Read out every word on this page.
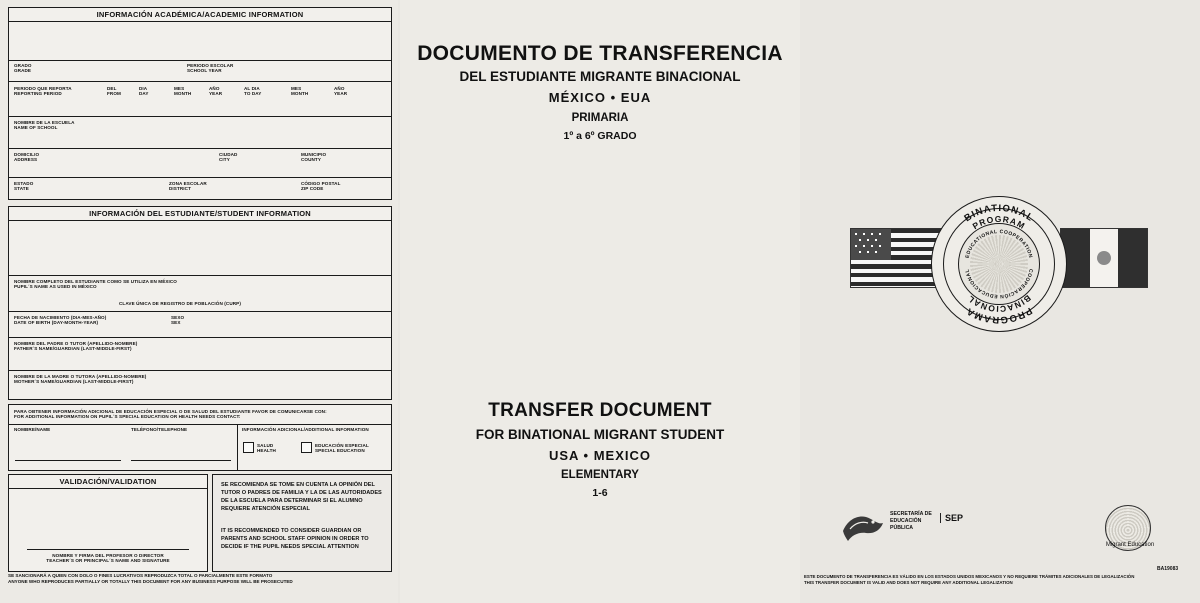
INFORMACIÓN ACADÉMICA/ACADEMIC INFORMATION
GRADO
GRADE
PERIODO ESCOLAR
SCHOOL YEAR
PERIODO QUE REPORTA
REPORTING PERIOD
DEL
FROM
DIA
DAY
MES
MONTH
AÑO
YEAR
AL DIA
TO DAY
MES
MONTH
AÑO
YEAR
NOMBRE DE LA ESCUELA
NAME OF SCHOOL
DOMICILIO
ADDRESS
CIUDAD
CITY
MUNICIPIO
COUNTY
ESTADO
STATE
ZONA ESCOLAR
DISTRICT
CÓDIGO POSTAL
ZIP CODE
INFORMACIÓN DEL ESTUDIANTE/STUDENT INFORMATION
NOMBRE COMPLETO DEL ESTUDIANTE COMO SE UTILIZA EN MÉXICO
PUPIL´S NAME AS USED IN MÉXICO
CLAVE ÚNICA DE REGISTRO DE POBLACIÓN (CURP)
FECHA DE NACIMIENTO (DIA-MES-AÑO)
DATE OF BIRTH (DAY-MONTH-YEAR)
SEXO
SEX
NOMBRE DEL PADRE O TUTOR (APELLIDO-NOMBRE)
FATHER´S NAME/GUARDIAN (LAST-MIDDLE-FIRST)
NOMBRE DE LA MADRE O TUTORA (APELLIDO-NOMBRE)
MOTHER´S NAME/GUARDIAN (LAST-MIDDLE-FIRST)
PARA OBTENER INFORMACIÓN ADICIONAL DE EDUCACIÓN ESPECIAL O DE SALUD DEL ESTUDIANTE FAVOR DE COMUNICARSE CON:
FOR ADDITIONAL INFORMATION ON PUPIL´S SPECIAL EDUCATION OR HEALTH NEEDS CONTACT:
NOMBRE/NAME	TELÉFONO/TELEPHONE	INFORMACIÓN ADICIONAL/ADDITIONAL INFORMATION
SALUD
HEALTH
EDUCACIÓN ESPECIAL
SPECIAL EDUCATION
VALIDACIÓN/VALIDATION
NOMBRE Y FIRMA DEL PROFESOR O DIRECTOR
TEACHER´S OR PRINCIPAL´S NAME AND SIGNATURE
SE RECOMIENDA SE TOME EN CUENTA LA OPINIÓN DEL TUTOR O PADRES DE FAMILIA Y LA DE LAS AUTORIDADES DE LA ESCUELA PARA DETERMINAR SI EL ALUMNO REQUIERE ATENCIÓN ESPECIAL
IT IS RECOMMENDED TO CONSIDER GUARDIAN OR PARENTS AND SCHOOL STAFF OPINION IN ORDER TO DECIDE IF THE PUPIL NEEDS SPECIAL ATTENTION
SE SANCIONARÁ A QUIEN CON DOLO O FINES LUCRATIVOS REPRODUZCA TOTAL O PARCIALMENTE ESTE FORMATO
ANYONE WHO REPRODUCES PARTIALLY OR TOTALLY THIS DOCUMENT FOR ANY BUSINESS PURPOSE WILL BE PROSECUTED
DOCUMENTO DE TRANSFERENCIA
DEL ESTUDIANTE MIGRANTE BINACIONAL
MÉXICO • EUA
PRIMARIA
1º a 6º GRADO
BINATIONAL
PROGRAMA
PROGRAM
BINACIONAL
EDUCATIONAL COOPERATION
COOPERACIÓN EDUCACIONAL
TRANSFER DOCUMENT
FOR BINATIONAL MIGRANT STUDENT
USA • MEXICO
ELEMENTARY
1-6
SECRETARÍA DE
EDUCACIÓN
PÚBLICA
SEP
Migrant Education
ESTE DOCUMENTO DE TRANSFERENCIA ES VÁLIDO EN LOS ESTADOS UNIDOS MEXICANOS Y NO REQUIERE TRÁMITES ADICIONALES DE LEGALIZACIÓN
THIS TRANSFER DOCUMENT IS VALID AND DOES NOT REQUIRE ANY ADDITIONAL LEGALIZATION
BA19083
